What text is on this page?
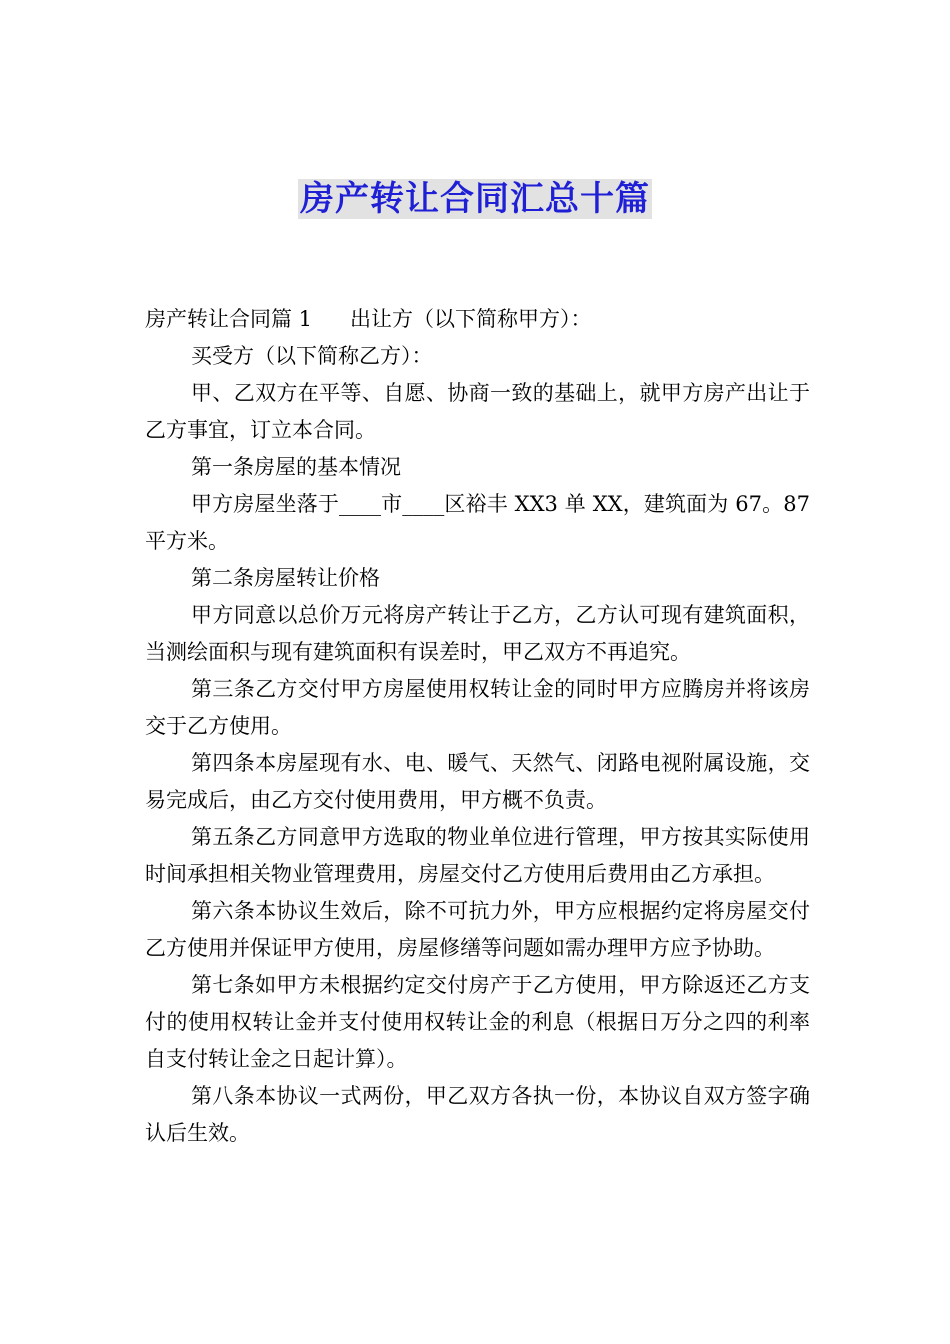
房产转让合同汇总十篇

房产转让合同篇 1 出让方（以下简称甲方）：

买受方（以下简称乙方）：

甲、乙双方在平等、自愿、协商一致的基础上，就甲方房产出让于乙方事宜，订立本合同。

第一条房屋的基本情况

甲方房屋坐落于____市____区裕丰 XX3 单 XX，建筑面为 67。87 平方米。

第二条房屋转让价格

甲方同意以总价万元将房产转让于乙方，乙方认可现有建筑面积，当测绘面积与现有建筑面积有误差时，甲乙双方不再追究。

第三条乙方交付甲方房屋使用权转让金的同时甲方应腾房并将该房交于乙方使用。

第四条本房屋现有水、电、暖气、天然气、闭路电视附属设施，交易完成后，由乙方交付使用费用，甲方概不负责。

第五条乙方同意甲方选取的物业单位进行管理，甲方按其实际使用时间承担相关物业管理费用，房屋交付乙方使用后费用由乙方承担。

第六条本协议生效后，除不可抗力外，甲方应根据约定将房屋交付乙方使用并保证甲方使用，房屋修缮等问题如需办理甲方应予协助。

第七条如甲方未根据约定交付房产于乙方使用，甲方除返还乙方支付的使用权转让金并支付使用权转让金的利息（根据日万分之四的利率自支付转让金之日起计算）。

第八条本协议一式两份，甲乙双方各执一份，本协议自双方签字确认后生效。
